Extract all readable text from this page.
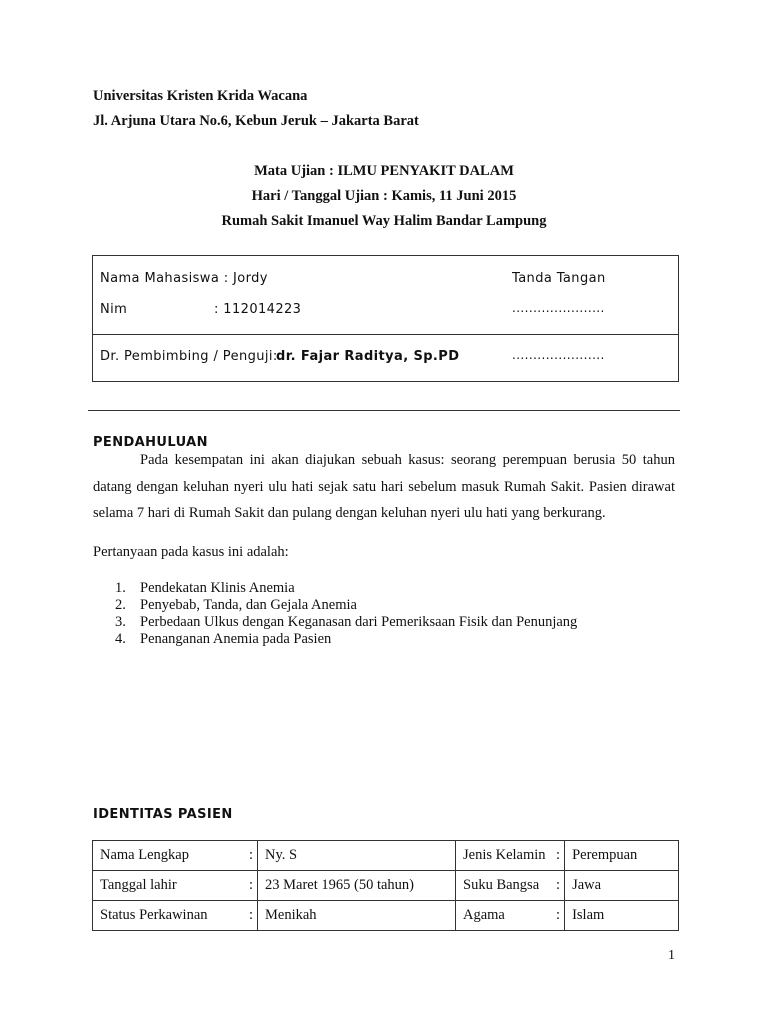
Universitas Kristen Krida Wacana
Jl. Arjuna Utara No.6, Kebun Jeruk – Jakarta Barat
Mata Ujian : ILMU PENYAKIT DALAM
Hari / Tanggal Ujian : Kamis, 11 Juni 2015
Rumah Sakit Imanuel Way Halim Bandar Lampung
Nama Mahasiswa : Jordy	Tanda Tangan
Nim	: 112014223	......................
Dr. Pembimbing / Penguji:
dr. Fajar Raditya, Sp.PD	......................
PENDAHULUAN

Pada kesempatan ini akan diajukan sebuah kasus: seorang perempuan berusia 50 tahun datang dengan keluhan nyeri ulu hati sejak satu hari sebelum masuk Rumah Sakit. Pasien dirawat selama 7 hari di Rumah Sakit dan pulang dengan keluhan nyeri ulu hati yang berkurang.

Pertanyaan pada kasus ini adalah:
1. Pendekatan Klinis Anemia
2. Penyebab, Tanda, dan Gejala Anemia
3. Perbedaan Ulkus dengan Keganasan dari Pemeriksaan Fisik dan Penunjang
4. Penanganan Anemia pada Pasien
IDENTITAS PASIEN
Nama Lengkap	:	Ny. S	Jenis Kelamin	:	Perempuan
Tanggal lahir	:	23 Maret 1965 (50 tahun)	Suku Bangsa	:	Jawa
Status Perkawinan	:	Menikah	Agama	:	Islam
1
